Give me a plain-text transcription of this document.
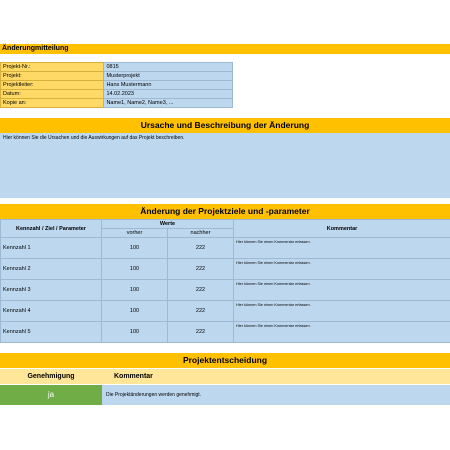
Änderungmitteilung
Projekt-Nr.:	0815
Projekt:	Musterprojekt
Projektleiter:	Hans Mustermann
Datum:	14.02.2023
Kopie an:	Name1, Name2, Name3, ...
Ursache und Beschreibung der Änderung
Hier können Sie die Ursachen und die Auswirkungen auf das Projekt beschreiben.
Änderung der Projektziele und -parameter
Kennzahl / Ziel / Parameter	Werte		Kommentar
	vorher	nachher	
Kennzahl 1	100	222	Hier können Sie einen Kommentar erfassen.
Kennzahl 2	100	222	Hier können Sie einen Kommentar erfassen.
Kennzahl 3	100	222	Hier können Sie einen Kommentar erfassen.
Kennzahl 4	100	222	Hier können Sie einen Kommentar erfassen.
Kennzahl 5	100	222	Hier können Sie einen Kommentar erfassen.
Projektentscheidung
Genehmigung	Kommentar
ja	Die Projektänderungen werden genehmigt.
